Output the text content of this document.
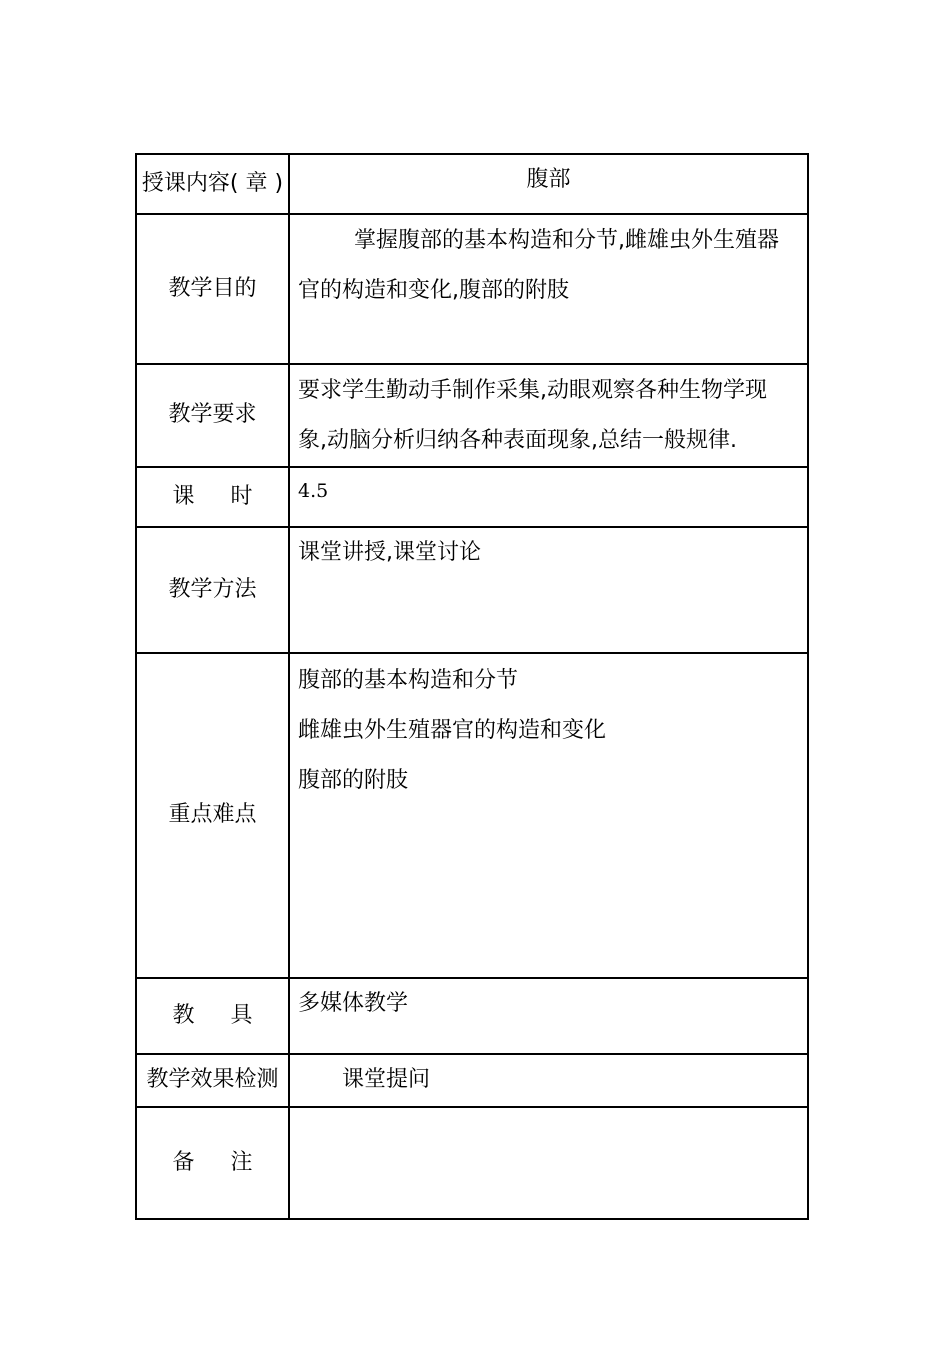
授课内容( 章 )	腹部
教学目的	掌握腹部的基本构造和分节,雌雄虫外生殖器
官的构造和变化,腹部的附肢

教学要求	要求学生勤动手制作采集,动眼观察各种生物学现
象,动脑分析归纳各种表面现象,总结一般规律.

课 时	4.5

教学方法	课堂讲授,课堂讨论

重点难点	腹部的基本构造和分节
雌雄虫外生殖器官的构造和变化
腹部的附肢

教 具	多媒体教学

教学效果检测	课堂提问
备 注	
